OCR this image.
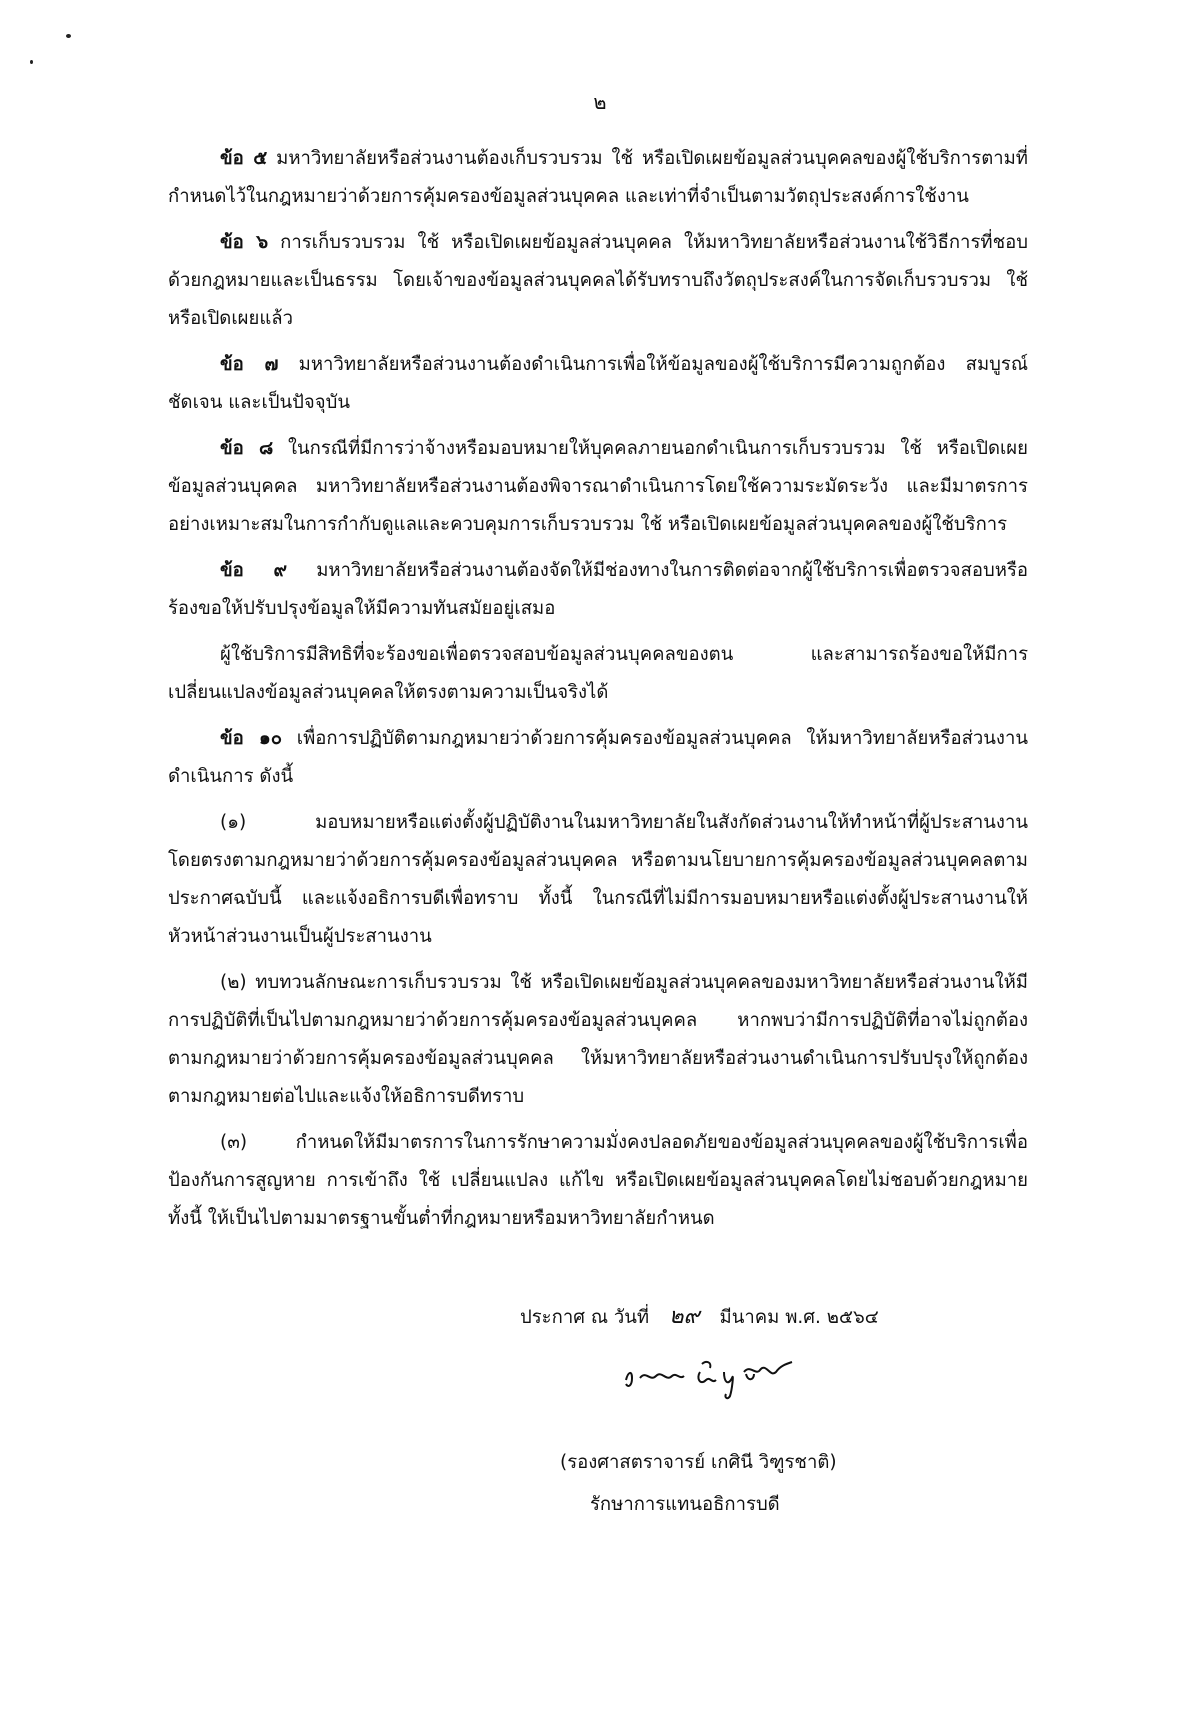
๒

ข้อ ๕ มหาวิทยาลัยหรือส่วนงานต้องเก็บรวบรวม ใช้ หรือเปิดเผยข้อมูลส่วนบุคคลของผู้ใช้บริการตามที่กำหนดไว้ในกฎหมายว่าด้วยการคุ้มครองข้อมูลส่วนบุคคล และเท่าที่จำเป็นตามวัตถุประสงค์การใช้งาน

ข้อ ๖ การเก็บรวบรวม ใช้ หรือเปิดเผยข้อมูลส่วนบุคคล ให้มหาวิทยาลัยหรือส่วนงานใช้วิธีการที่ชอบด้วยกฎหมายและเป็นธรรม โดยเจ้าของข้อมูลส่วนบุคคลได้รับทราบถึงวัตถุประสงค์ในการจัดเก็บรวบรวม ใช้ หรือเปิดเผยแล้ว

ข้อ ๗ มหาวิทยาลัยหรือส่วนงานต้องดำเนินการเพื่อให้ข้อมูลของผู้ใช้บริการมีความถูกต้อง สมบูรณ์ ชัดเจน และเป็นปัจจุบัน

ข้อ ๘ ในกรณีที่มีการว่าจ้างหรือมอบหมายให้บุคคลภายนอกดำเนินการเก็บรวบรวม ใช้ หรือเปิดเผยข้อมูลส่วนบุคคล มหาวิทยาลัยหรือส่วนงานต้องพิจารณาดำเนินการโดยใช้ความระมัดระวัง และมีมาตรการอย่างเหมาะสมในการกำกับดูแลและควบคุมการเก็บรวบรวม ใช้ หรือเปิดเผยข้อมูลส่วนบุคคลของผู้ใช้บริการ

ข้อ ๙ มหาวิทยาลัยหรือส่วนงานต้องจัดให้มีช่องทางในการติดต่อจากผู้ใช้บริการเพื่อตรวจสอบหรือร้องขอให้ปรับปรุงข้อมูลให้มีความทันสมัยอยู่เสมอ

ผู้ใช้บริการมีสิทธิที่จะร้องขอเพื่อตรวจสอบข้อมูลส่วนบุคคลของตน และสามารถร้องขอให้มีการเปลี่ยนแปลงข้อมูลส่วนบุคคลให้ตรงตามความเป็นจริงได้

ข้อ ๑๐ เพื่อการปฏิบัติตามกฎหมายว่าด้วยการคุ้มครองข้อมูลส่วนบุคคล ให้มหาวิทยาลัยหรือส่วนงานดำเนินการ ดังนี้

(๑) มอบหมายหรือแต่งตั้งผู้ปฏิบัติงานในมหาวิทยาลัยในสังกัดส่วนงานให้ทำหน้าที่ผู้ประสานงานโดยตรงตามกฎหมายว่าด้วยการคุ้มครองข้อมูลส่วนบุคคล หรือตามนโยบายการคุ้มครองข้อมูลส่วนบุคคลตามประกาศฉบับนี้ และแจ้งอธิการบดีเพื่อทราบ ทั้งนี้ ในกรณีที่ไม่มีการมอบหมายหรือแต่งตั้งผู้ประสานงานให้หัวหน้าส่วนงานเป็นผู้ประสานงาน

(๒) ทบทวนลักษณะการเก็บรวบรวม ใช้ หรือเปิดเผยข้อมูลส่วนบุคคลของมหาวิทยาลัยหรือส่วนงานให้มีการปฏิบัติที่เป็นไปตามกฎหมายว่าด้วยการคุ้มครองข้อมูลส่วนบุคคล หากพบว่ามีการปฏิบัติที่อาจไม่ถูกต้องตามกฎหมายว่าด้วยการคุ้มครองข้อมูลส่วนบุคคล ให้มหาวิทยาลัยหรือส่วนงานดำเนินการปรับปรุงให้ถูกต้องตามกฎหมายต่อไปและแจ้งให้อธิการบดีทราบ

(๓) กำหนดให้มีมาตรการในการรักษาความมั่งคงปลอดภัยของข้อมูลส่วนบุคคลของผู้ใช้บริการเพื่อป้องกันการสูญหาย การเข้าถึง ใช้ เปลี่ยนแปลง แก้ไข หรือเปิดเผยข้อมูลส่วนบุคคลโดยไม่ชอบด้วยกฎหมาย ทั้งนี้ ให้เป็นไปตามมาตรฐานขั้นต่ำที่กฎหมายหรือมหาวิทยาลัยกำหนด

ประกาศ ณ วันที่ ๒๙ มีนาคม พ.ศ. ๒๕๖๔
(รองศาสตราจารย์ เกศินี วิฑูรชาติ)
รักษาการแทนอธิการบดี
